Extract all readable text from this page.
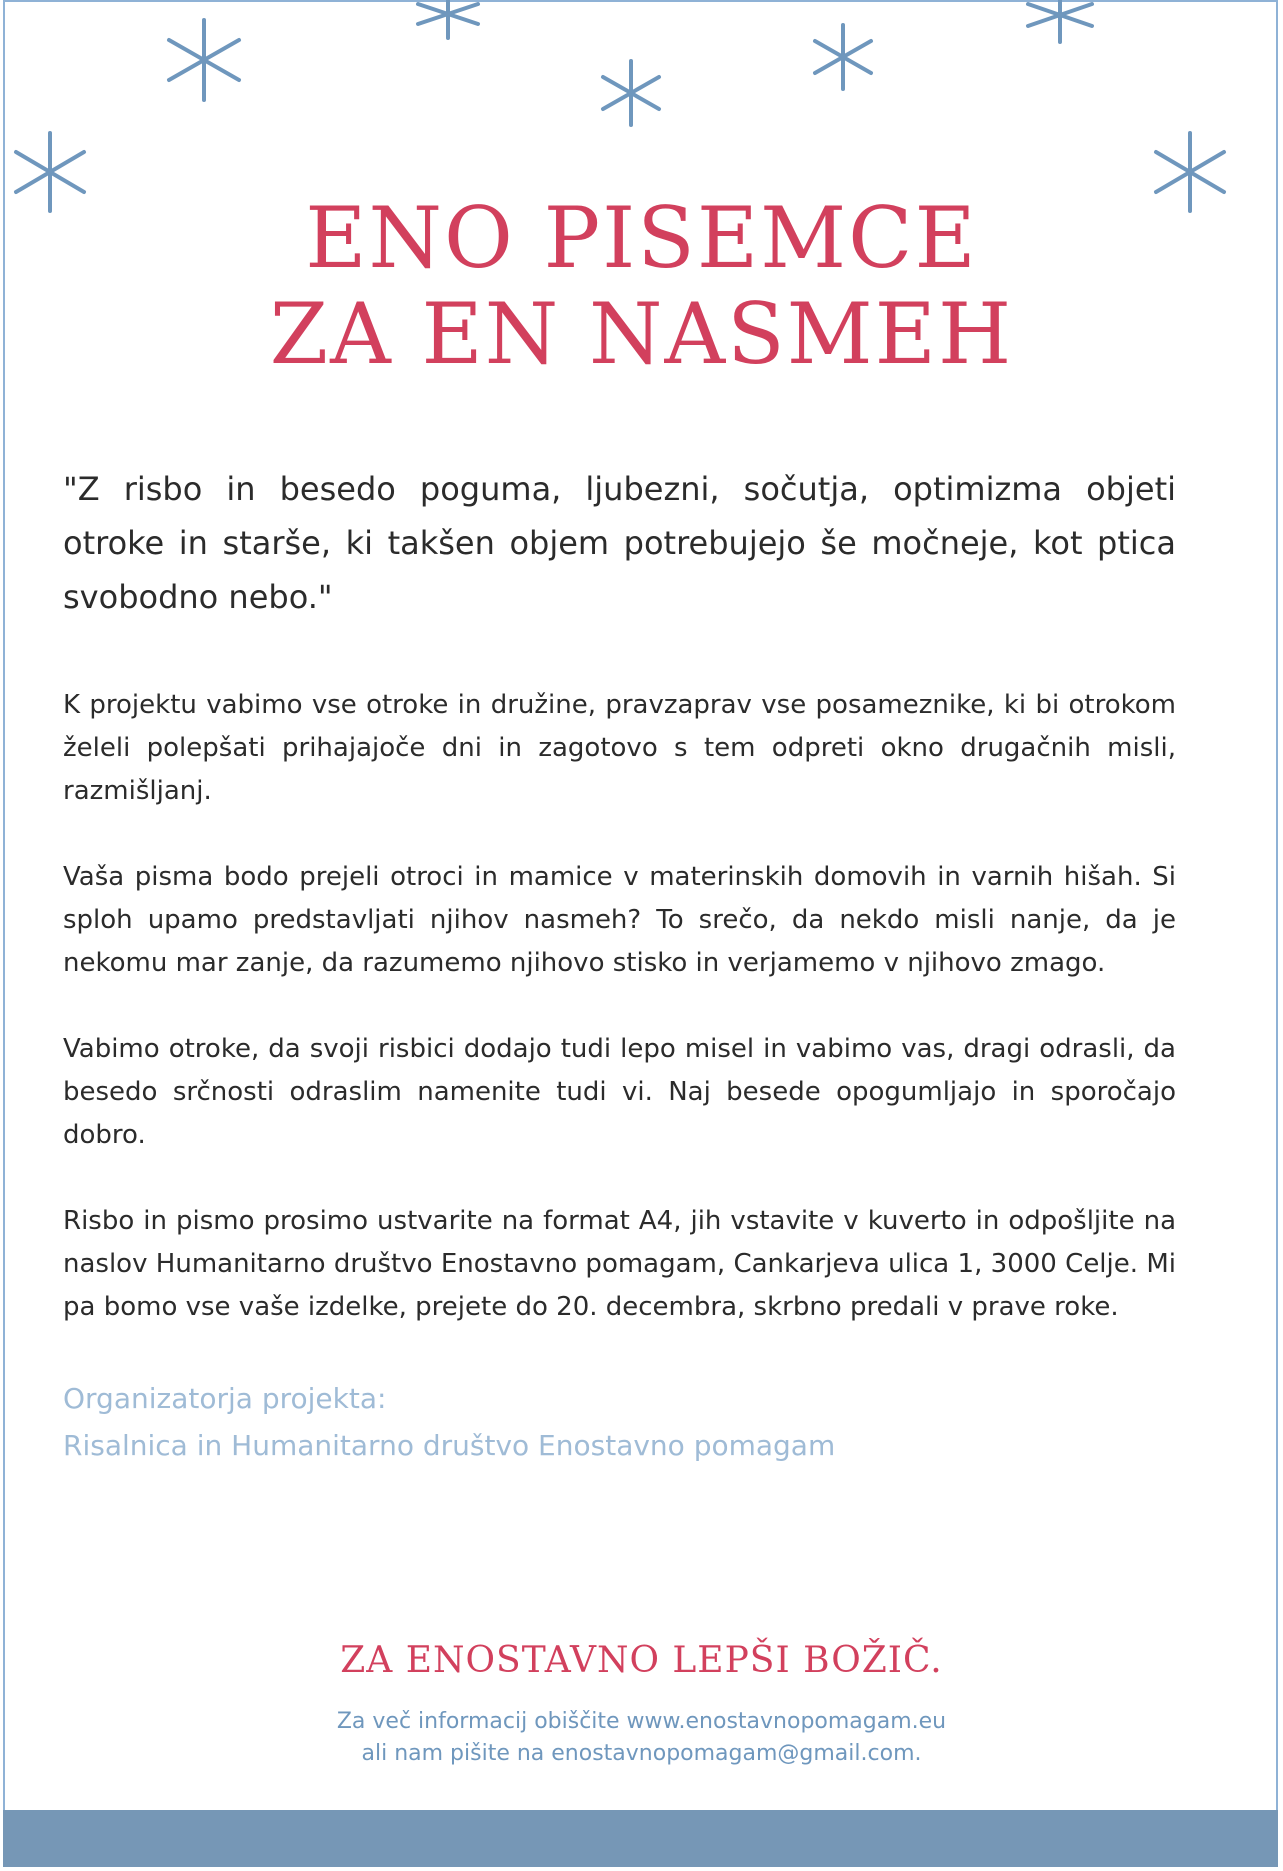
ENO PISEMCE
ZA EN NASMEH

"Z risbo in besedo poguma, ljubezni, sočutja, optimizma objeti otroke in starše, ki takšen objem potrebujejo še močneje, kot ptica svobodno nebo."

K projektu vabimo vse otroke in družine, pravzaprav vse posameznike, ki bi otrokom želeli polepšati prihajajoče dni in zagotovo s tem odpreti okno drugačnih misli, razmišljanj.

Vaša pisma bodo prejeli otroci in mamice v materinskih domovih in varnih hišah. Si sploh upamo predstavljati njihov nasmeh? To srečo, da nekdo misli nanje, da je nekomu mar zanje, da razumemo njihovo stisko in verjamemo v njihovo zmago.

Vabimo otroke, da svoji risbici dodajo tudi lepo misel in vabimo vas, dragi odrasli, da besedo srčnosti odraslim namenite tudi vi. Naj besede opogumljajo in sporočajo dobro.

Risbo in pismo prosimo ustvarite na format A4, jih vstavite v kuverto in odpošljite na naslov Humanitarno društvo Enostavno pomagam, Cankarjeva ulica 1, 3000 Celje. Mi pa bomo vse vaše izdelke, prejete do 20. decembra, skrbno predali v prave roke.

Organizatorja projekta:
Risalnica in Humanitarno društvo Enostavno pomagam
ZA ENOSTAVNO LEPŠI BOŽIČ.
Za več informacij obiščite www.enostavnopomagam.eu
ali nam pišite na enostavnopomagam@gmail.com.
